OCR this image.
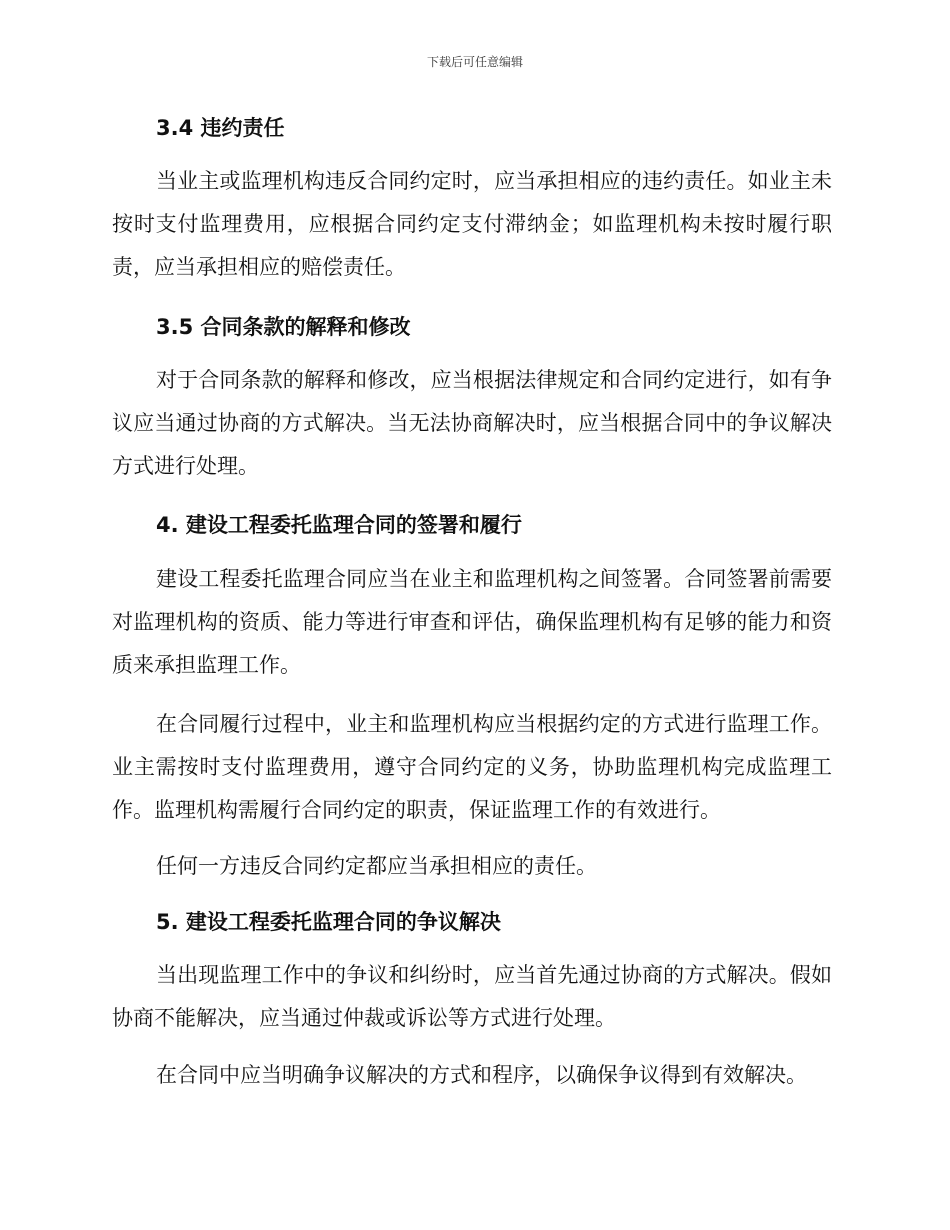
下载后可任意编辑
3.4 违约责任

当业主或监理机构违反合同约定时，应当承担相应的违约责任。如业主未按时支付监理费用，应根据合同约定支付滞纳金；如监理机构未按时履行职责，应当承担相应的赔偿责任。

3.5 合同条款的解释和修改

对于合同条款的解释和修改，应当根据法律规定和合同约定进行，如有争议应当通过协商的方式解决。当无法协商解决时，应当根据合同中的争议解决方式进行处理。

4. 建设工程委托监理合同的签署和履行

建设工程委托监理合同应当在业主和监理机构之间签署。合同签署前需要对监理机构的资质、能力等进行审查和评估，确保监理机构有足够的能力和资质来承担监理工作。

在合同履行过程中，业主和监理机构应当根据约定的方式进行监理工作。业主需按时支付监理费用，遵守合同约定的义务，协助监理机构完成监理工作。监理机构需履行合同约定的职责，保证监理工作的有效进行。

任何一方违反合同约定都应当承担相应的责任。

5. 建设工程委托监理合同的争议解决

当出现监理工作中的争议和纠纷时，应当首先通过协商的方式解决。假如协商不能解决，应当通过仲裁或诉讼等方式进行处理。

在合同中应当明确争议解决的方式和程序，以确保争议得到有效解决。
